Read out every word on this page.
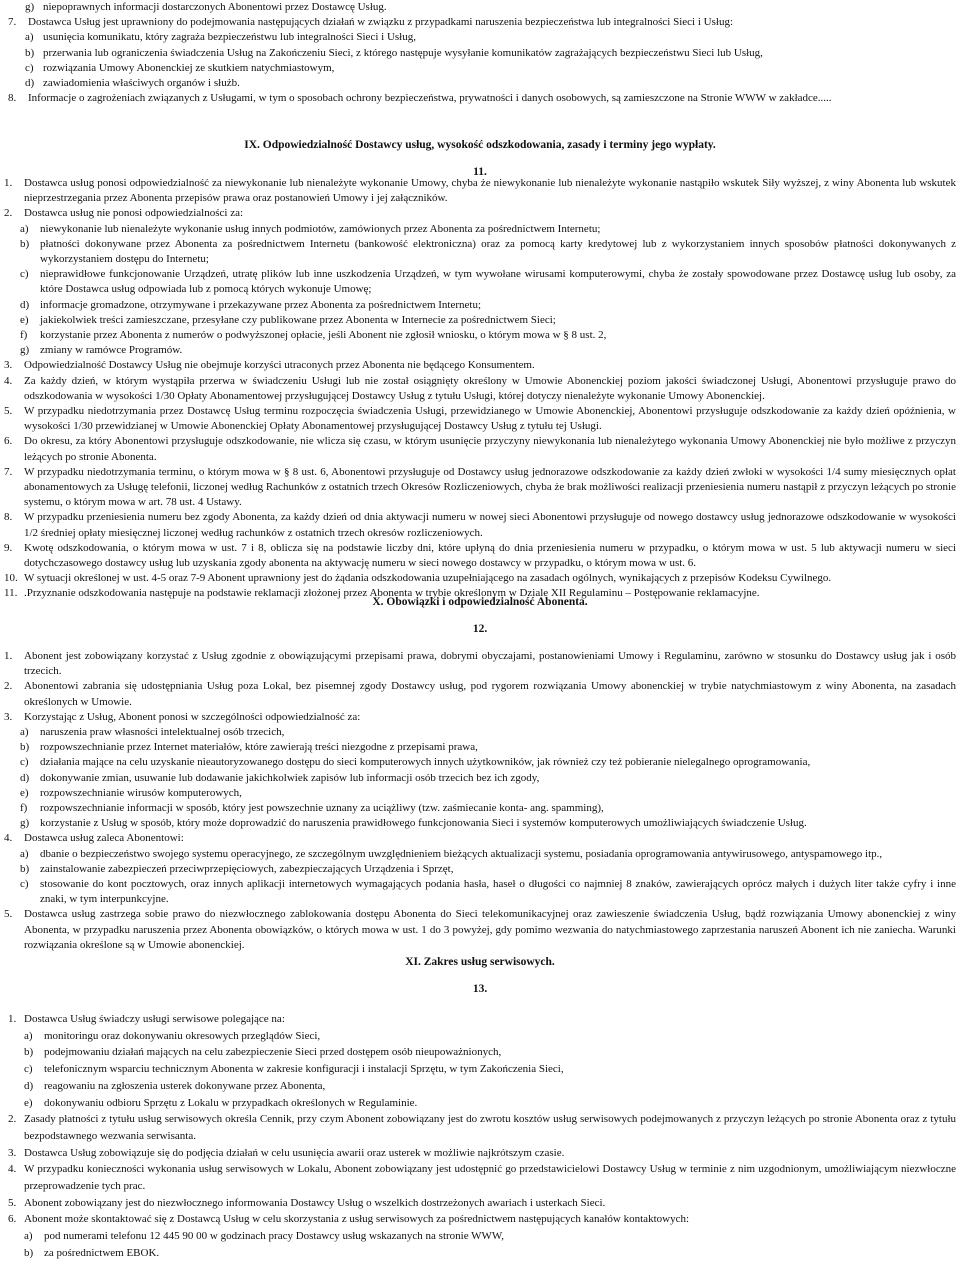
g) niepoprawnych informacji dostarczonych Abonentowi przez Dostawcę Usług.
7.	Dostawca Usług jest uprawniony do podejmowania następujących działań w związku z przypadkami naruszenia bezpieczeństwa lub integralności Sieci i Usług:
a) usunięcia komunikatu, który zagraża bezpieczeństwu lub integralności Sieci i Usług,
b) przerwania lub ograniczenia świadczenia Usług na Zakończeniu Sieci, z którego następuje wysyłanie komunikatów zagrażających bezpieczeństwu Sieci lub Usług,
c) rozwiązania Umowy Abonenckiej ze skutkiem natychmiastowym,
d) zawiadomienia właściwych organów i służb.
8.	Informacje o zagrożeniach związanych z Usługami, w tym o sposobach ochrony bezpieczeństwa, prywatności i danych osobowych, są zamieszczone na Stronie WWW w zakładce.....
IX. Odpowiedzialność Dostawcy usług, wysokość odszkodowania, zasady i terminy jego wypłaty.
11.
1.	Dostawca usług ponosi odpowiedzialność za niewykonanie lub nienależyte wykonanie Umowy, chyba że niewykonanie lub nienależyte wykonanie nastąpiło wskutek Siły wyższej, z winy Abonenta lub wskutek nieprzestrzegania przez Abonenta przepisów prawa oraz postanowień Umowy i jej załączników.
2.	Dostawca usług nie ponosi odpowiedzialności za:
a)	niewykonanie lub nienależyte wykonanie usług innych podmiotów, zamówionych przez Abonenta za pośrednictwem Internetu;
b) płatności dokonywane przez Abonenta za pośrednictwem Internetu (bankowość elektroniczna) oraz za pomocą karty kredytowej lub z wykorzystaniem innych sposobów płatności dokonywanych z wykorzystaniem dostępu do Internetu;
c)	nieprawidłowe funkcjonowanie Urządzeń, utratę plików lub inne uszkodzenia Urządzeń, w tym wywołane wirusami komputerowymi, chyba że zostały spowodowane przez Dostawcę usług lub osoby, za które Dostawca usług odpowiada lub z pomocą których wykonuje Umowę;
d) informacje gromadzone, otrzymywane i przekazywane przez Abonenta za pośrednictwem Internetu;
e)	jakiekolwiek treści zamieszczane, przesyłane czy publikowane przez Abonenta w Internecie za pośrednictwem Sieci;
f)	korzystanie przez Abonenta z numerów o podwyższonej opłacie, jeśli Abonent nie zgłosił wniosku, o którym mowa w § 8 ust. 2,
g) zmiany w ramówce Programów.
3.	Odpowiedzialność Dostawcy Usług nie obejmuje korzyści utraconych przez Abonenta nie będącego Konsumentem.
4.	Za każdy dzień, w którym wystąpiła przerwa w świadczeniu Usługi lub nie został osiągnięty określony w Umowie Abonenckiej poziom jakości świadczonej Usługi, Abonentowi przysługuje prawo do odszkodowania w wysokości 1/30 Opłaty Abonamentowej przysługującej Dostawcy Usług z tytułu Usługi, której dotyczy nienależyte wykonanie Umowy Abonenckiej.
5.	W przypadku niedotrzymania przez Dostawcę Usług terminu rozpoczęcia świadczenia Usługi, przewidzianego w Umowie Abonenckiej, Abonentowi przysługuje odszkodowanie za każdy dzień opóźnienia, w wysokości 1/30 przewidzianej w Umowie Abonenckiej Opłaty Abonamentowej przysługującej Dostawcy Usług z tytułu tej Usługi.
6.	Do okresu, za który Abonentowi przysługuje odszkodowanie, nie wlicza się czasu, w którym usunięcie przyczyny niewykonania lub nienależytego wykonania Umowy Abonenckiej nie było możliwe z przyczyn leżących po stronie Abonenta.
7.	W przypadku niedotrzymania terminu, o którym mowa w § 8 ust. 6, Abonentowi przysługuje od Dostawcy usług jednorazowe odszkodowanie za każdy dzień zwłoki w wysokości 1/4 sumy miesięcznych opłat abonamentowych za Usługę telefonii, liczonej według Rachunków z ostatnich trzech Okresów Rozliczeniowych, chyba że brak możliwości realizacji przeniesienia numeru nastąpił z przyczyn leżących po stronie systemu, o którym mowa w art. 78 ust. 4 Ustawy.
8.	W przypadku przeniesienia numeru bez zgody Abonenta, za każdy dzień od dnia aktywacji numeru w nowej sieci Abonentowi przysługuje od nowego dostawcy usług jednorazowe odszkodowanie w wysokości 1/2 średniej opłaty miesięcznej liczonej według rachunków z ostatnich trzech okresów rozliczeniowych.
9.	Kwotę odszkodowania, o którym mowa w ust. 7 i 8, oblicza się na podstawie liczby dni, które upłyną do dnia przeniesienia numeru w przypadku, o którym mowa w ust. 5 lub aktywacji numeru w sieci dotychczasowego dostawcy usług lub uzyskania zgody abonenta na aktywację numeru w sieci nowego dostawcy w przypadku, o którym mowa w ust. 6.
10. W sytuacji określonej w ust. 4-5 oraz 7-9 Abonent uprawniony jest do żądania odszkodowania uzupełniającego na zasadach ogólnych, wynikających z przepisów Kodeksu Cywilnego.
11. .Przyznanie odszkodowania następuje na podstawie reklamacji złożonej przez Abonenta w trybie określonym w Dziale XII Regulaminu – Postępowanie reklamacyjne.
X. Obowiązki i odpowiedzialność Abonenta.
12.
1.	Abonent jest zobowiązany korzystać z Usług zgodnie z obowiązującymi przepisami prawa, dobrymi obyczajami, postanowieniami Umowy i Regulaminu, zarówno w stosunku do Dostawcy usług jak i osób trzecich.
2.	Abonentowi zabrania się udostępniania Usług poza Lokal, bez pisemnej zgody Dostawcy usług, pod rygorem rozwiązania Umowy abonenckiej w trybie natychmiastowym z winy Abonenta, na zasadach określonych w Umowie.
3.	Korzystając z Usług, Abonent ponosi w szczególności odpowiedzialność za:
a)	naruszenia praw własności intelektualnej osób trzecich,
b) rozpowszechnianie przez Internet materiałów, które zawierają treści niezgodne z przepisami prawa,
c)	działania mające na celu uzyskanie nieautoryzowanego dostępu do sieci komputerowych innych użytkowników, jak również czy też pobieranie nielegalnego oprogramowania,
d) dokonywanie zmian, usuwanie lub dodawanie jakichkolwiek zapisów lub informacji osób trzecich bez ich zgody,
e)	rozpowszechnianie wirusów komputerowych,
f)	rozpowszechnianie informacji w sposób, który jest powszechnie uznany za uciążliwy (tzw. zaśmiecanie konta- ang. spamming),
g) korzystanie z Usług w sposób, który może doprowadzić do naruszenia prawidłowego funkcjonowania Sieci i systemów komputerowych umożliwiających świadczenie Usług.
4.	Dostawca usług zaleca Abonentowi:
a)	dbanie o bezpieczeństwo swojego systemu operacyjnego, ze szczególnym uwzględnieniem bieżących aktualizacji systemu, posiadania oprogramowania antywirusowego, antyspamowego itp.,
b) zainstalowanie zabezpieczeń przeciwprzepięciowych, zabezpieczających Urządzenia i Sprzęt,
c)	stosowanie do kont pocztowych, oraz innych aplikacji internetowych wymagających podania hasła, haseł o długości co najmniej 8 znaków, zawierających oprócz małych i dużych liter także cyfry i inne znaki, w tym interpunkcyjne.
5.	Dostawca usług zastrzega sobie prawo do niezwłocznego zablokowania dostępu Abonenta do Sieci telekomunikacyjnej oraz zawieszenie świadczenia Usług, bądź rozwiązania Umowy abonenckiej z winy Abonenta, w przypadku naruszenia przez Abonenta obowiązków, o których mowa w ust. 1 do 3 powyżej, gdy pomimo wezwania do natychmiastowego zaprzestania naruszeń Abonent ich nie zaniecha. Warunki rozwiązania określone są w Umowie abonenckiej.
XI. Zakres usług serwisowych.
13.
1. Dostawca Usług świadczy usługi serwisowe polegające na:
a)	monitoringu oraz dokonywaniu okresowych przeglądów Sieci,
b) podejmowaniu działań mających na celu zabezpieczenie Sieci przed dostępem osób nieupoważnionych,
c)	telefonicznym wsparciu technicznym Abonenta w zakresie konfiguracji i instalacji Sprzętu, w tym Zakończenia Sieci,
d) reagowaniu na zgłoszenia usterek dokonywane przez Abonenta,
e)	dokonywaniu odbioru Sprzętu z Lokalu w przypadkach określonych w Regulaminie.
2. Zasady płatności z tytułu usług serwisowych określa Cennik, przy czym Abonent zobowiązany jest do zwrotu kosztów usług serwisowych podejmowanych z przyczyn leżących po stronie Abonenta oraz z tytułu bezpodstawnego wezwania serwisanta.
3. Dostawca Usług zobowiązuje się do podjęcia działań w celu usunięcia awarii oraz usterek w możliwie najkrótszym czasie.
4. W przypadku konieczności wykonania usług serwisowych w Lokalu, Abonent zobowiązany jest udostępnić go przedstawicielowi Dostawcy Usług w terminie z nim uzgodnionym, umożliwiającym niezwłoczne przeprowadzenie tych prac.
5. Abonent zobowiązany jest do niezwłocznego informowania Dostawcy Usług o wszelkich dostrzeżonych awariach i usterkach Sieci.
6. Abonent może skontaktować się z Dostawcą Usług w celu skorzystania z usług serwisowych za pośrednictwem następujących kanałów kontaktowych:
a)	pod numerami telefonu 12 445 90 00 w godzinach pracy Dostawcy usług wskazanych na stronie WWW,
b) za pośrednictwem EBOK.
